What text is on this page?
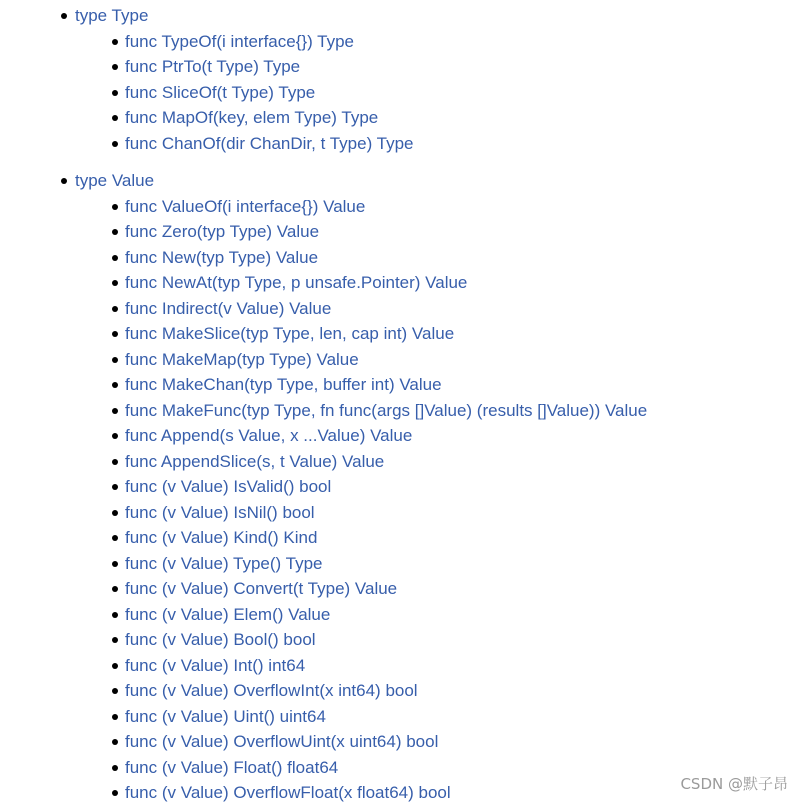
type Type
func TypeOf(i interface{}) Type
func PtrTo(t Type) Type
func SliceOf(t Type) Type
func MapOf(key, elem Type) Type
func ChanOf(dir ChanDir, t Type) Type
type Value
func ValueOf(i interface{}) Value
func Zero(typ Type) Value
func New(typ Type) Value
func NewAt(typ Type, p unsafe.Pointer) Value
func Indirect(v Value) Value
func MakeSlice(typ Type, len, cap int) Value
func MakeMap(typ Type) Value
func MakeChan(typ Type, buffer int) Value
func MakeFunc(typ Type, fn func(args []Value) (results []Value)) Value
func Append(s Value, x ...Value) Value
func AppendSlice(s, t Value) Value
func (v Value) IsValid() bool
func (v Value) IsNil() bool
func (v Value) Kind() Kind
func (v Value) Type() Type
func (v Value) Convert(t Type) Value
func (v Value) Elem() Value
func (v Value) Bool() bool
func (v Value) Int() int64
func (v Value) OverflowInt(x int64) bool
func (v Value) Uint() uint64
func (v Value) OverflowUint(x uint64) bool
func (v Value) Float() float64
func (v Value) OverflowFloat(x float64) bool	CSDN @默子昂
